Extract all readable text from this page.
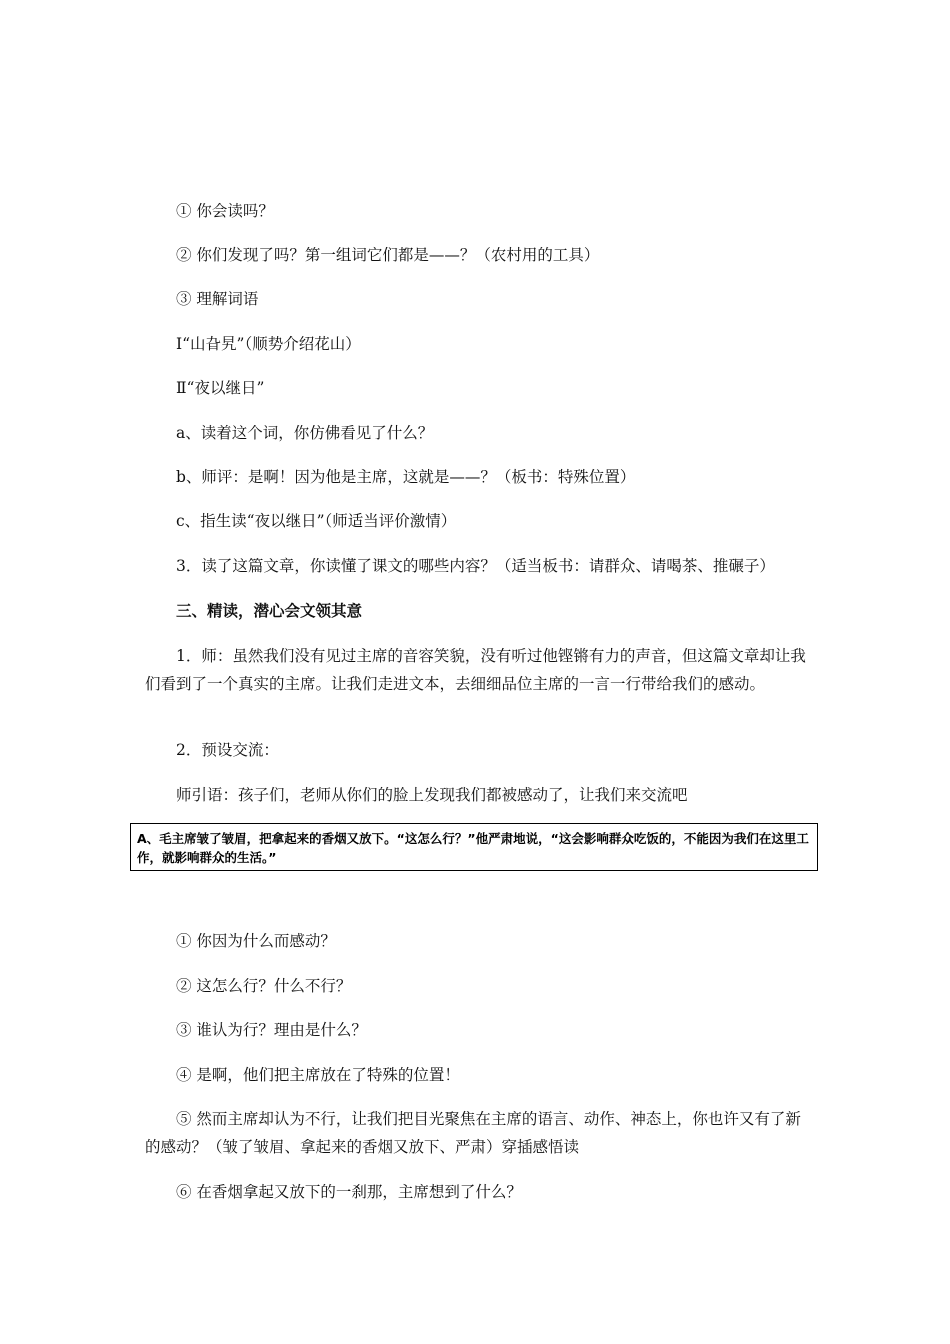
① 你会读吗？
② 你们发现了吗？第一组词它们都是——？（农村用的工具）
③ 理解词语
Ⅰ“山旮旯”（顺势介绍花山）
Ⅱ“夜以继日”
a、读着这个词，你仿佛看见了什么？
b、师评：是啊！因为他是主席，这就是——？（板书：特殊位置）
c、指生读“夜以继日”（师适当评价激情）
3．读了这篇文章，你读懂了课文的哪些内容？（适当板书：请群众、请喝茶、推碾子）
三、精读，潜心会文领其意
1．师：虽然我们没有见过主席的音容笑貌，没有听过他铿锵有力的声音，但这篇文章却让我们看到了一个真实的主席。让我们走进文本，去细细品位主席的一言一行带给我们的感动。
2．预设交流：
师引语：孩子们，老师从你们的脸上发现我们都被感动了，让我们来交流吧
A、毛主席皱了皱眉，把拿起来的香烟又放下。“这怎么行？”他严肃地说，“这会影响群众吃饭的，不能因为我们在这里工作，就影响群众的生活。”
① 你因为什么而感动？
② 这怎么行？什么不行？
③ 谁认为行？理由是什么？
④ 是啊，他们把主席放在了特殊的位置！
⑤ 然而主席却认为不行，让我们把目光聚焦在主席的语言、动作、神态上，你也许又有了新的感动？（皱了皱眉、拿起来的香烟又放下、严肃）穿插感悟读
⑥ 在香烟拿起又放下的一刹那，主席想到了什么？
